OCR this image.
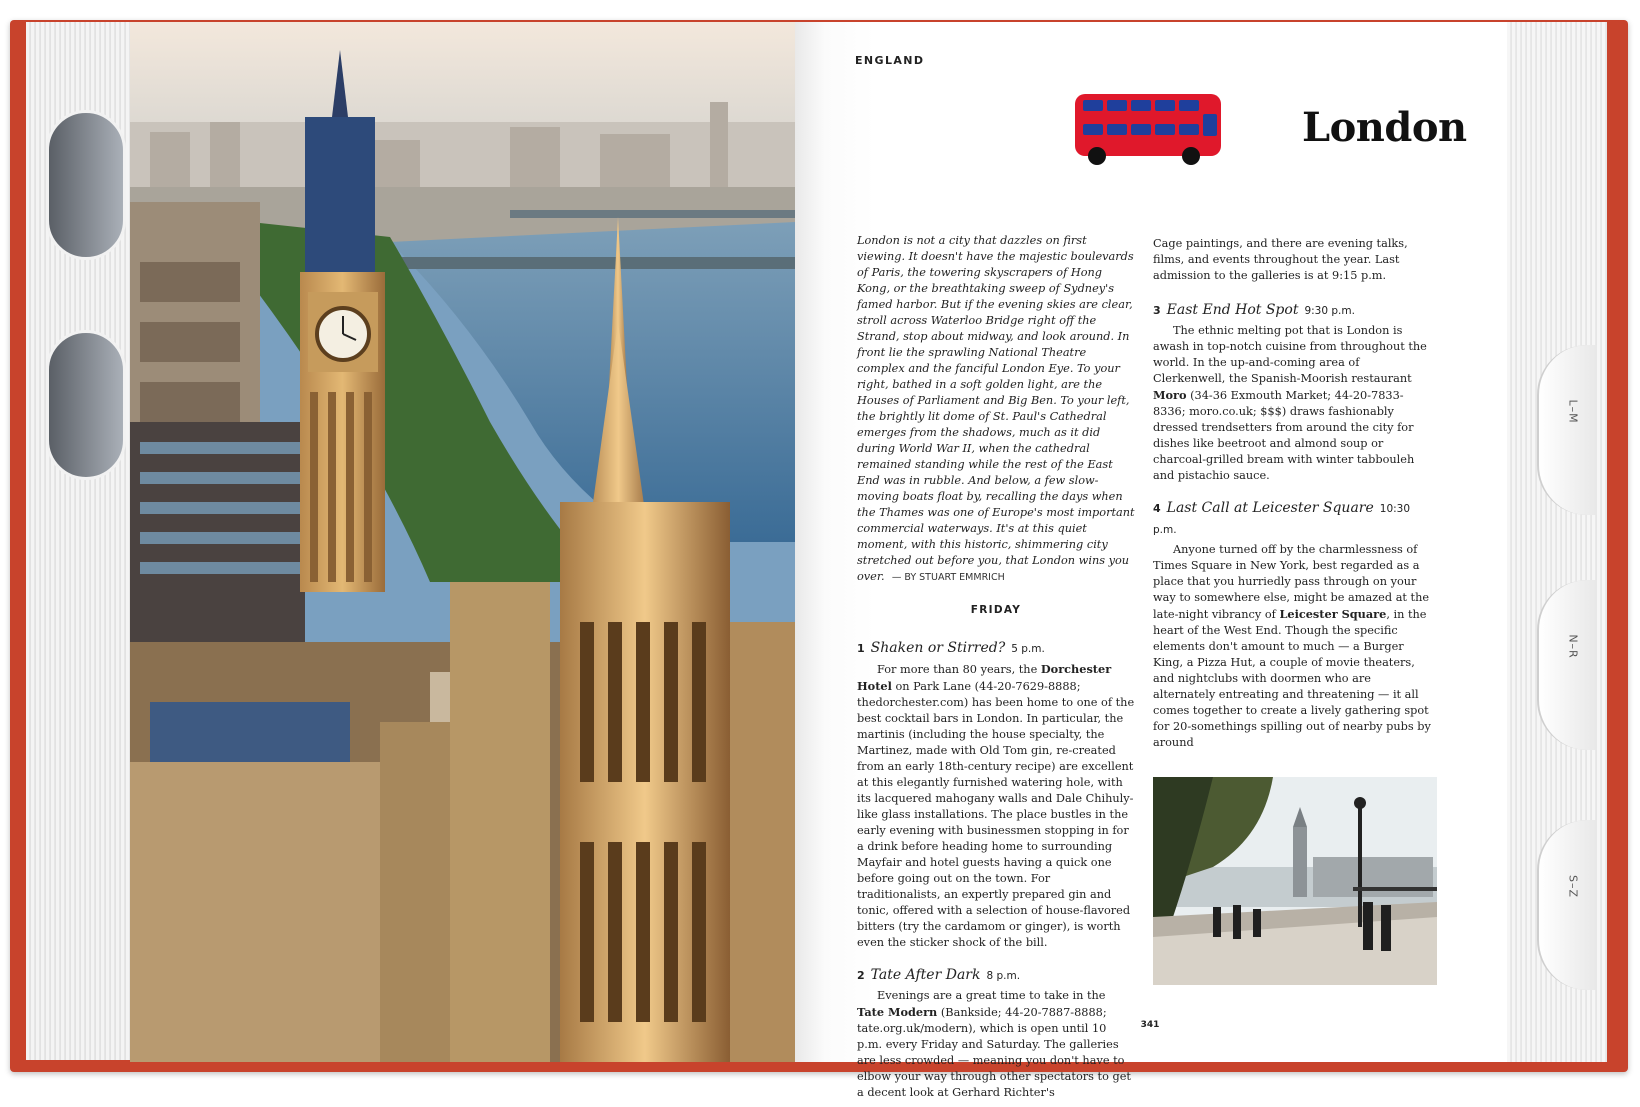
L–M
N–R
S–Z
ENGLAND
London

London is not a city that dazzles on first viewing. It doesn't have the majestic boulevards of Paris, the towering skyscrapers of Hong Kong, or the breathtaking sweep of Sydney's famed harbor. But if the evening skies are clear, stroll across Waterloo Bridge right off the Strand, stop about midway, and look around. In front lie the sprawling National Theatre complex and the fanciful London Eye. To your right, bathed in a soft golden light, are the Houses of Parliament and Big Ben. To your left, the brightly lit dome of St. Paul's Cathedral emerges from the shadows, much as it did during World War II, when the cathedral remained standing while the rest of the East End was in rubble. And below, a few slow-moving boats float by, recalling the days when the Thames was one of Europe's most important commercial waterways. It's at this quiet moment, with this historic, shimmering city stretched out before you, that London wins you over. — BY STUART EMMRICH

FRIDAY
1 Shaken or Stirred? 5 p.m.

For more than 80 years, the Dorchester Hotel on Park Lane (44-20-7629-8888; thedorchester.com) has been home to one of the best cocktail bars in London. In particular, the martinis (including the house specialty, the Martinez, made with Old Tom gin, re-created from an early 18th-century recipe) are excellent at this elegantly furnished watering hole, with its lacquered mahogany walls and Dale Chihuly-like glass installations. The place bustles in the early evening with businessmen stopping in for a drink before heading home to surrounding Mayfair and hotel guests having a quick one before going out on the town. For traditionalists, an expertly prepared gin and tonic, offered with a selection of house-flavored bitters (try the cardamom or ginger), is worth even the sticker shock of the bill.

2 Tate After Dark 8 p.m.

Evenings are a great time to take in the Tate Modern (Bankside; 44-20-7887-8888; tate.org.uk/modern), which is open until 10 p.m. every Friday and Saturday. The galleries are less crowded — meaning you don't have to elbow your way through other spectators to get a decent look at Gerhard Richter's

Cage paintings, and there are evening talks, films, and events throughout the year. Last admission to the galleries is at 9:15 p.m.

3 East End Hot Spot 9:30 p.m.

The ethnic melting pot that is London is awash in top-notch cuisine from throughout the world. In the up-and-coming area of Clerkenwell, the Spanish-Moorish restaurant Moro (34-36 Exmouth Market; 44-20-7833-8336; moro.co.uk; $$$) draws fashionably dressed trendsetters from around the city for dishes like beetroot and almond soup or charcoal-grilled bream with winter tabbouleh and pistachio sauce.

4 Last Call at Leicester Square 10:30 p.m.

Anyone turned off by the charmlessness of Times Square in New York, best regarded as a place that you hurriedly pass through on your way to somewhere else, might be amazed at the late-night vibrancy of Leicester Square, in the heart of the West End. Though the specific elements don't amount to much — a Burger King, a Pizza Hut, a couple of movie theaters, and nightclubs with doormen who are alternately entreating and threatening — it all comes together to create a lively gathering spot for 20-somethings spilling out of nearby pubs by around

341
